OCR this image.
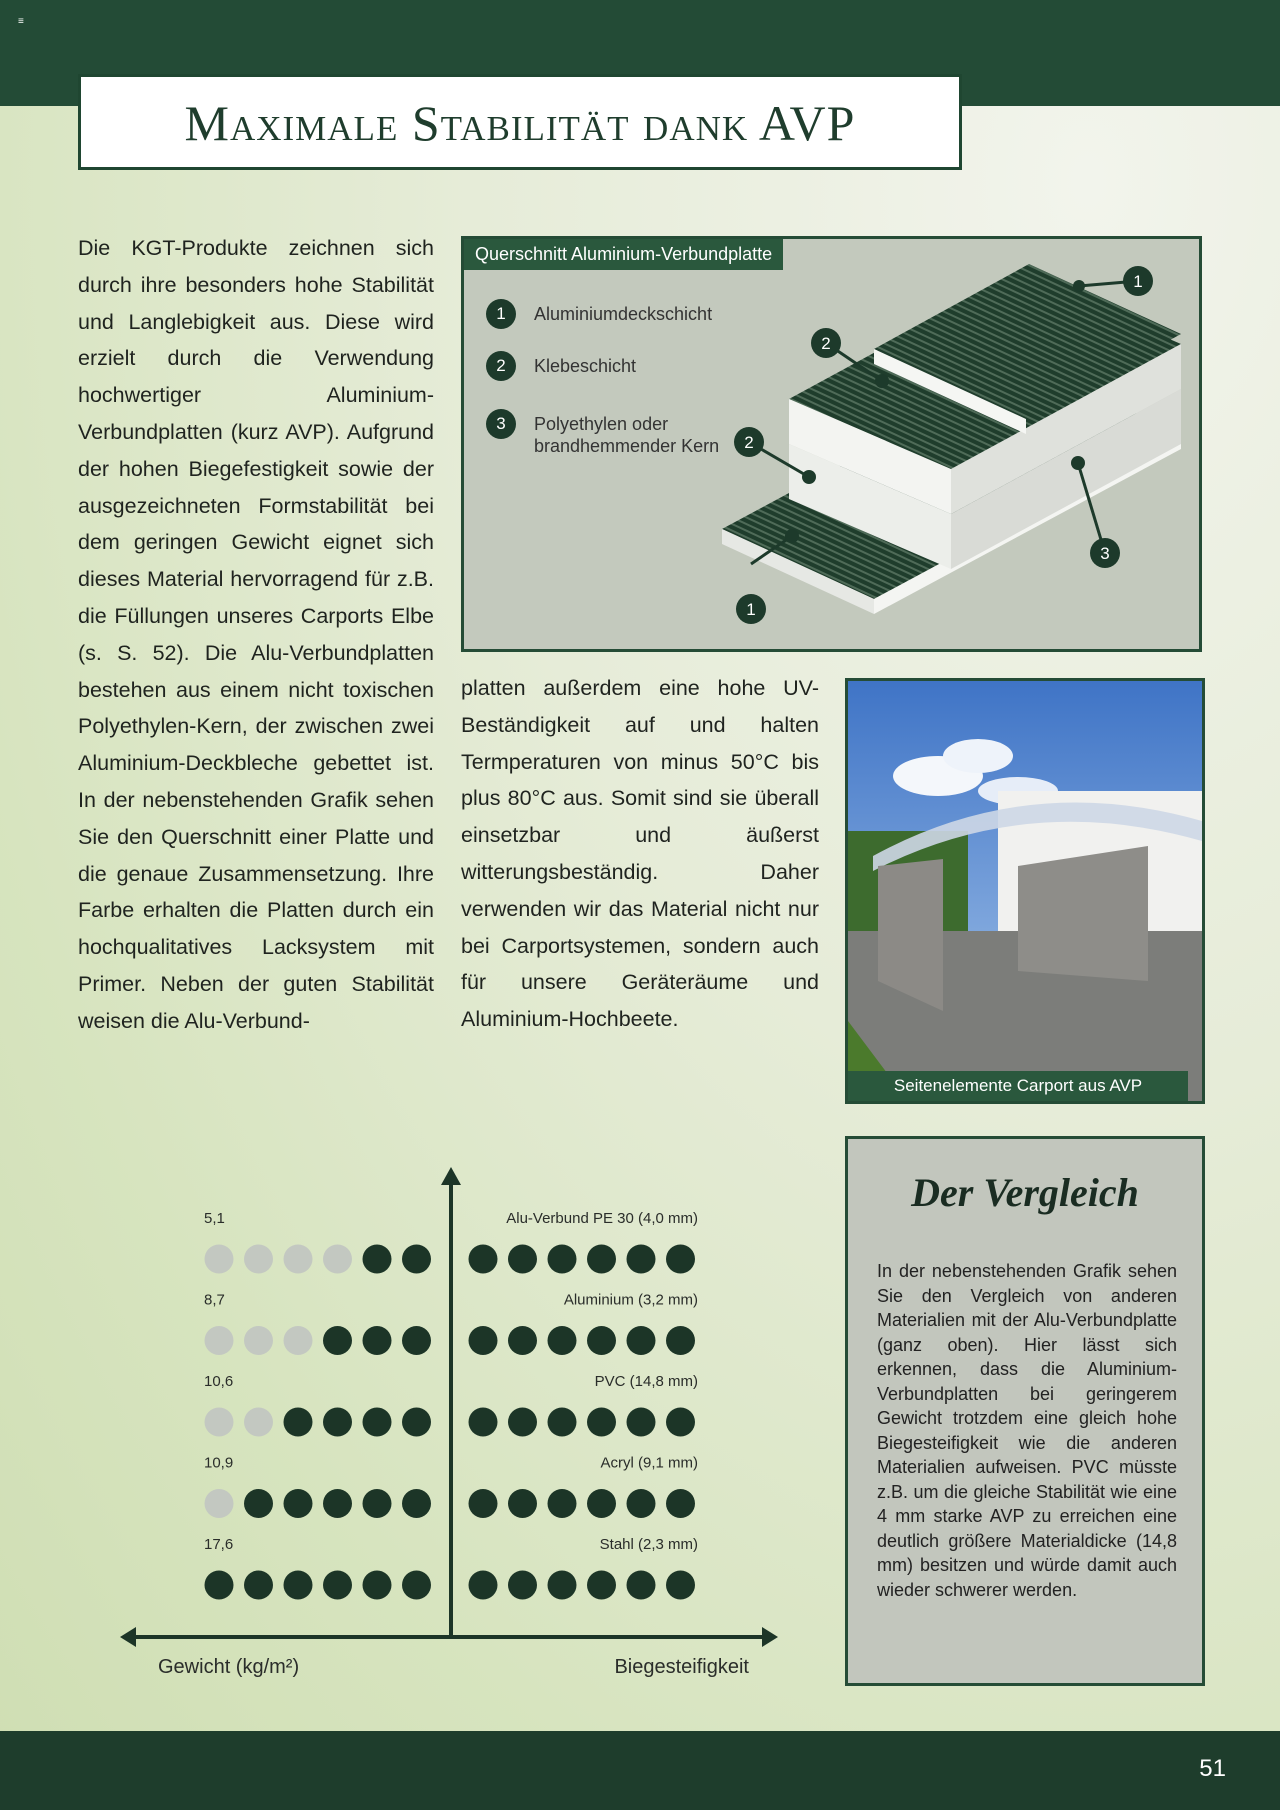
≡
Maximale Stabilität dank AVP
Die KGT-Produkte zeichnen sich durch ihre besonders hohe Stabilität und Langlebigkeit aus. Diese wird erzielt durch die Verwendung hochwertiger Aluminium-Verbundplatten (kurz AVP). Aufgrund der hohen Biegefestigkeit sowie der ausgezeichneten Formstabilität bei dem geringen Gewicht eignet sich dieses Material hervorragend für z.B. die Füllungen unseres Carports Elbe (s. S. 52). Die Alu-Verbundplatten bestehen aus einem nicht toxischen Polyethylen-Kern, der zwischen zwei Aluminium-Deckbleche gebettet ist. In der nebenstehenden Grafik sehen Sie den Querschnitt einer Platte und die genaue Zusammensetzung. Ihre Farbe erhalten die Platten durch ein hochqualitatives Lacksystem mit Primer. Neben der guten Stabilität weisen die Alu-Verbund-
Querschnitt Aluminium-Verbundplatte
1	Aluminiumdeckschicht
2	Klebeschicht
3	Polyethylen oder brandhemmender Kern
1
2
2
1
3
platten außerdem eine hohe UV-Beständigkeit auf und halten Termperaturen von minus 50°C bis plus 80°C aus. Somit sind sie überall einsetzbar und äußerst witterungsbeständig. Daher verwenden wir das Material nicht nur bei Carportsystemen, sondern auch für unsere Geräteräume und Aluminium-Hochbeete.
Seitenelemente Carport aus AVP
Gewicht (kg/m²)	Biegesteifigkeit
5,1	Alu-Verbund PE 30 (4,0 mm)
8,7	Aluminium (3,2 mm)
10,6	PVC (14,8 mm)
10,9	Acryl (9,1 mm)
17,6	Stahl (2,3 mm)
Der Vergleich

In der nebenstehenden Grafik sehen Sie den Vergleich von anderen Materialien mit der Alu-Verbundplatte (ganz oben). Hier lässt sich erkennen, dass die Aluminium-Verbundplatten bei geringerem Gewicht trotzdem eine gleich hohe Biegesteifigkeit wie die anderen Materialien aufweisen. PVC müsste z.B. um die gleiche Stabilität wie eine 4 mm starke AVP zu erreichen eine deutlich größere Materialdicke (14,8 mm) besitzen und würde damit auch wieder schwerer werden.

51
